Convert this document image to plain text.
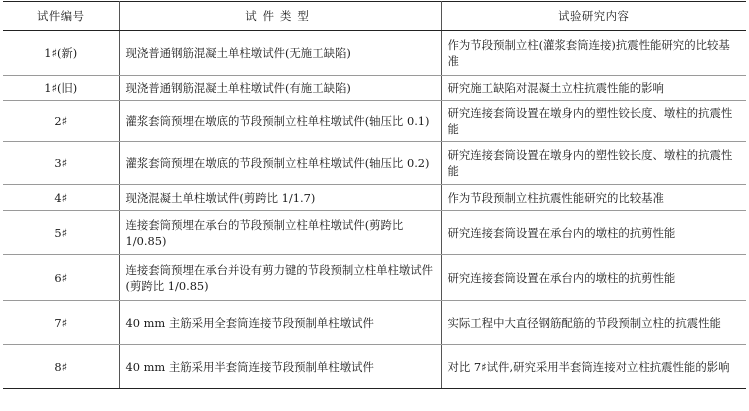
试件编号	试件类型	试验研究内容
1♯(新)	现浇普通钢筋混凝土单柱墩试件(无施工缺陷)	作为节段预制立柱(灌浆套筒连接)抗震性能研究的比较基准
1♯(旧)	现浇普通钢筋混凝土单柱墩试件(有施工缺陷)	研究施工缺陷对混凝土立柱抗震性能的影响
2♯	灌浆套筒预埋在墩底的节段预制立柱单柱墩试件(轴压比 0.1)	研究连接套筒设置在墩身内的塑性铰长度、墩柱的抗震性能
3♯	灌浆套筒预埋在墩底的节段预制立柱单柱墩试件(轴压比 0.2)	研究连接套筒设置在墩身内的塑性铰长度、墩柱的抗震性能
4♯	现浇混凝土单柱墩试件(剪跨比 1/1.7)	作为节段预制立柱抗震性能研究的比较基准
5♯	连接套筒预埋在承台的节段预制立柱单柱墩试件(剪跨比 1/0.85)	研究连接套筒设置在承台内的墩柱的抗剪性能
6♯	连接套筒预埋在承台并设有剪力键的节段预制立柱单柱墩试件(剪跨比 1/0.85)	研究连接套筒设置在承台内的墩柱的抗剪性能
7♯	40 mm 主筋采用全套筒连接节段预制单柱墩试件	实际工程中大直径钢筋配筋的节段预制立柱的抗震性能
8♯	40 mm 主筋采用半套筒连接节段预制单柱墩试件	对比 7♯试件,研究采用半套筒连接对立柱抗震性能的影响
